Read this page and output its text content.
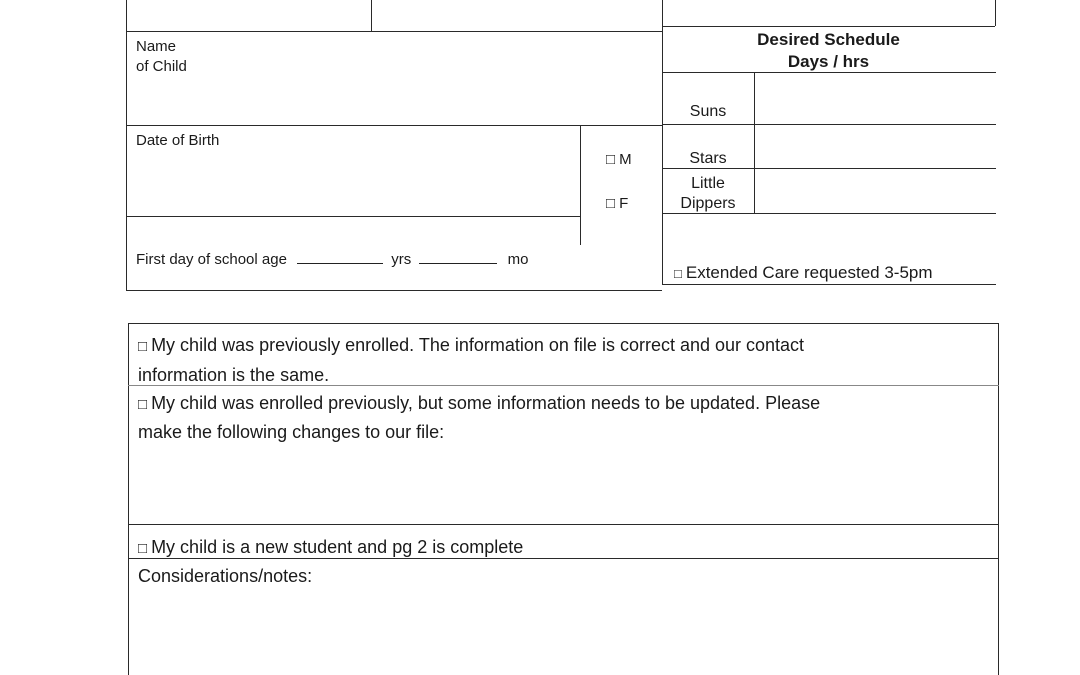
Name
of Child
Date of Birth
□ M
□ F
First day of school age	yrs	mo
Desired Schedule
Days / hrs
Suns
Stars
Little
Dippers
□ Extended Care requested 3-5pm
□ My child was previously enrolled. The information on file is correct and our contact
information is the same.
□ My child was enrolled previously, but some information needs to be updated. Please
make the following changes to our file:
□ My child is a new student and pg 2 is complete
Considerations/notes:
